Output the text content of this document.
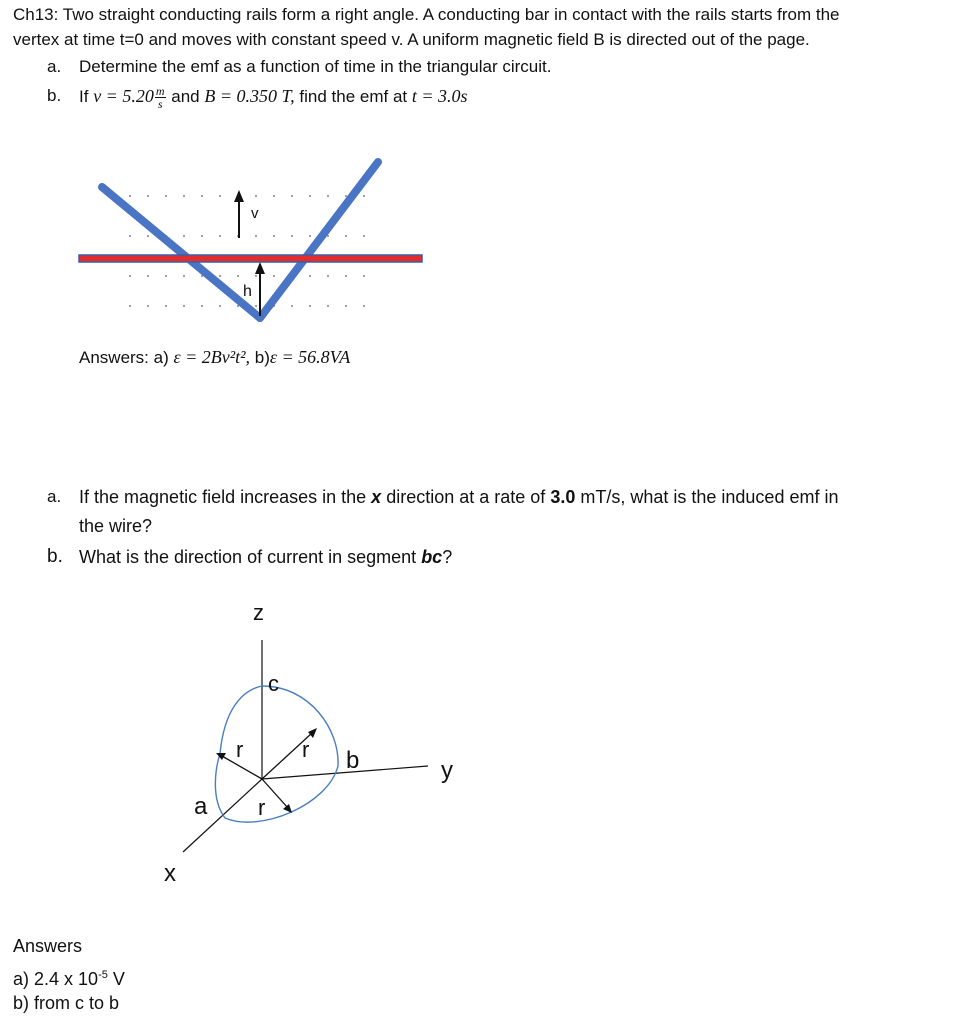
Ch13: Two straight conducting rails form a right angle. A conducting bar in contact with the rails starts from the
vertex at time t=0 and moves with constant speed v. A uniform magnetic field B is directed out of the page.
a. Determine the emf as a function of time in the triangular circuit.
b. If $v = 5.20 \frac{m}{s}$ and B = 0.350 T, find the emf at t = 3.0s
v
h
Answers: a) ε = 2Bv²t², b)ε = 56.8VA
a. If the magnetic field increases in the x direction at a rate of 3.0 mT/s, what is the induced emf in
the wire?
b. What is the direction of current in segment bc?
z
c
r	r b	y
a r
x
Answers
a) 2.4 x $10^{-5}$ V
b) from c to b
